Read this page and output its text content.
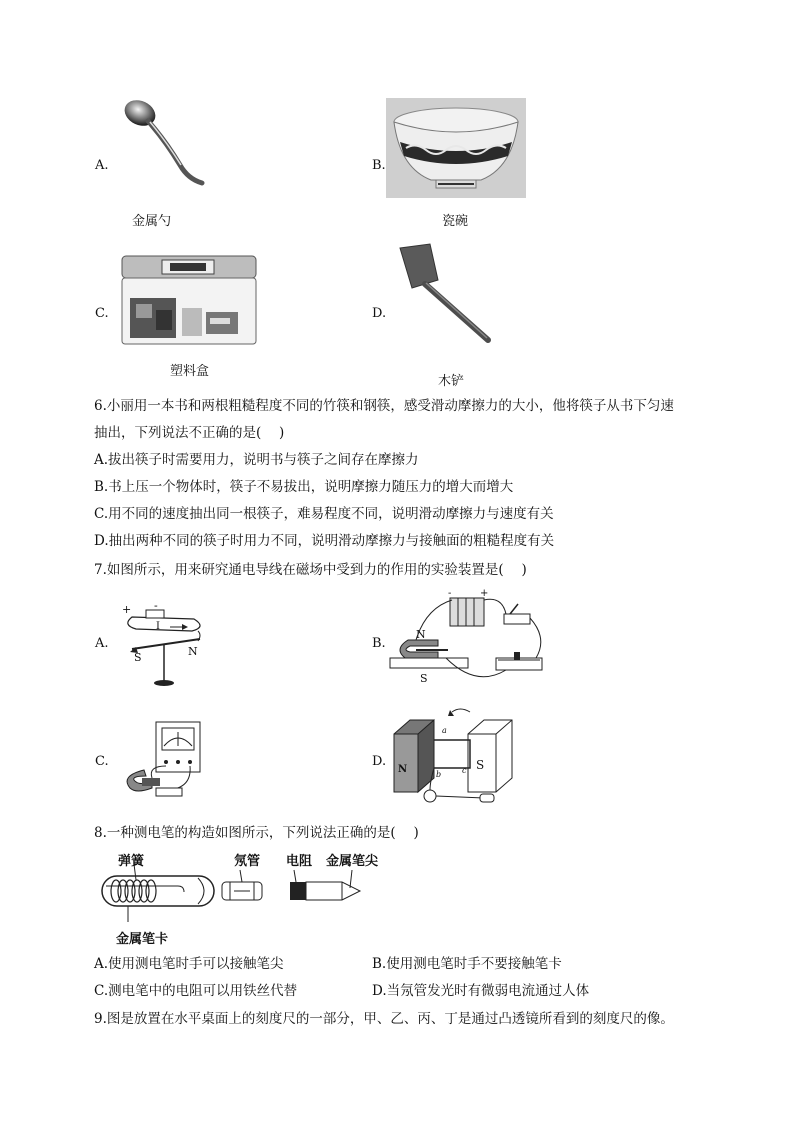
A.
金属勺
B.
瓷碗
C.
塑料盒
D.
木铲
6.小丽用一本书和两根粗糙程度不同的竹筷和钢筷，感受滑动摩擦力的大小，他将筷子从书下匀速
抽出，下列说法不正确的是(　 )
A.拔出筷子时需要用力，说明书与筷子之间存在摩擦力
B.书上压一个物体时，筷子不易拔出，说明摩擦力随压力的增大而增大
C.用不同的速度抽出同一根筷子，难易程度不同，说明滑动摩擦力与速度有关
D.抽出两种不同的筷子时用力不同，说明滑动摩擦力与接触面的粗糙程度有关
7.如图所示，用来研究通电导线在磁场中受到力的作用的实验装置是(　 )
A.
+ -
I
S	N
B.
N
S
-	+
C.	D.
N	S
a
b	c
8.一种测电笔的构造如图所示，下列说法正确的是(　 )
弹簧	氖管 电阻 金属笔尖
金属笔卡
A.使用测电笔时手可以接触笔尖	B.使用测电笔时手不要接触笔卡
C.测电笔中的电阻可以用铁丝代替	D.当氖管发光时有微弱电流通过人体
9.图是放置在水平桌面上的刻度尺的一部分，甲、乙、丙、丁是通过凸透镜所看到的刻度尺的像。
